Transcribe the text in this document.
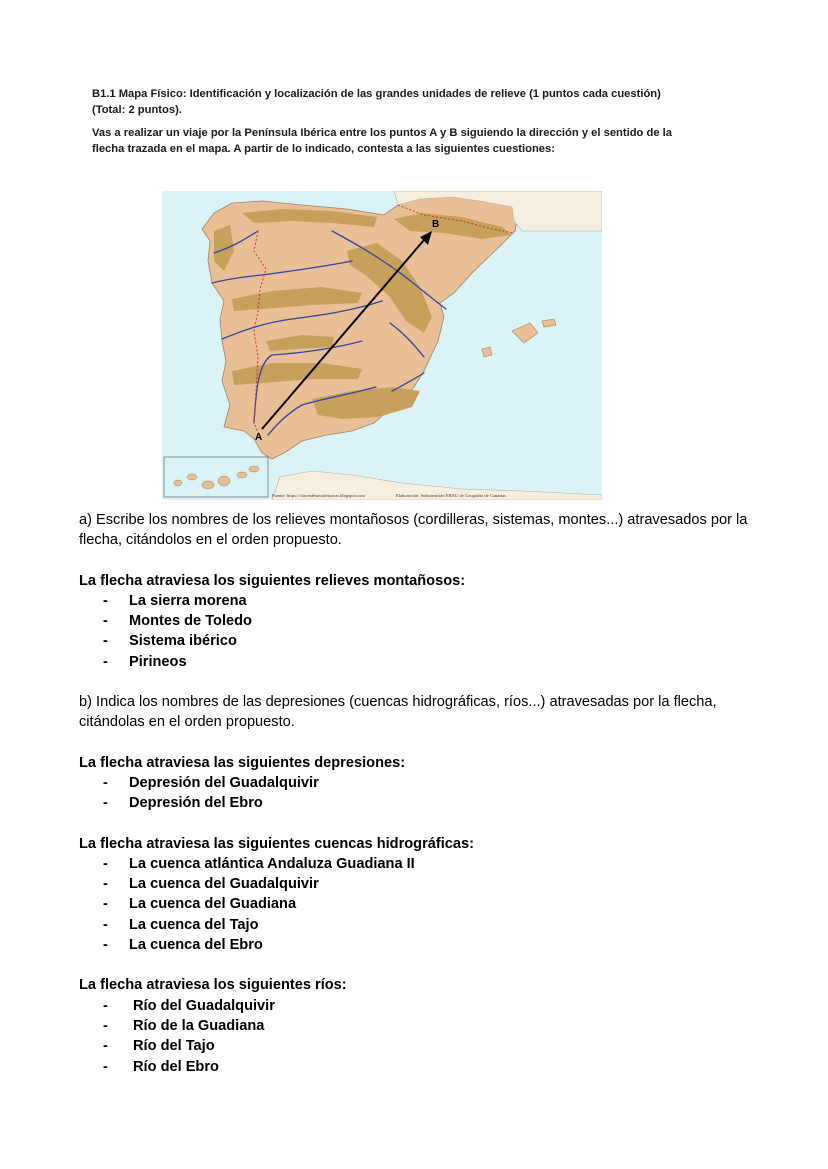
B1.1 Mapa Físico: Identificación y localización de las grandes unidades de relieve (1 puntos cada cuestión) (Total: 2 puntos).

Vas a realizar un viaje por la Península Ibérica entre los puntos A y B siguiendo la dirección y el sentido de la flecha trazada en el mapa. A partir de lo indicado, contesta a las siguientes cuestiones:

A
B
Fuente: https://clasesdesocialesarcas.blogspot.com	Elaboración: Subcomisión EBAU de Geografía de Canarias

a) Escribe los nombres de los relieves montañosos (cordilleras, sistemas, montes...) atravesados por la flecha, citándolos en el orden propuesto.

La flecha atraviesa los siguientes relieves montañosos:

- La sierra morena
- Montes de Toledo
- Sistema ibérico
- Pirineos

b) Indica los nombres de las depresiones (cuencas hidrográficas, ríos...) atravesadas por la flecha, citándolas en el orden propuesto.

La flecha atraviesa las siguientes depresiones:

- Depresión del Guadalquivir
- Depresión del Ebro

La flecha atraviesa las siguientes cuencas hidrográficas:

- La cuenca atlántica Andaluza Guadiana II
- La cuenca del Guadalquivir
- La cuenca del Guadiana
- La cuenca del Tajo
- La cuenca del Ebro

La flecha atraviesa los siguientes ríos:

- Río del Guadalquivir
- Río de la Guadiana
- Río del Tajo
- Río del Ebro
